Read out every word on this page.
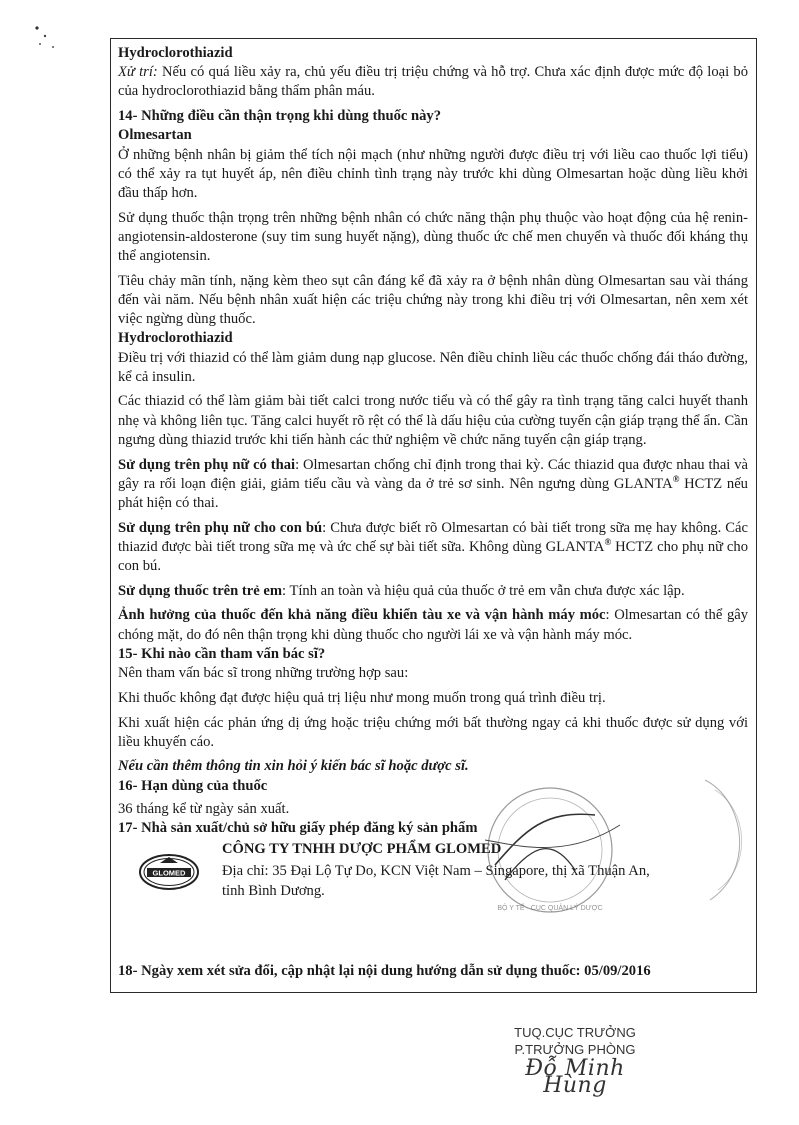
Hydroclorothiazid

Xử trí: Nếu có quá liều xảy ra, chủ yếu điều trị triệu chứng và hỗ trợ. Chưa xác định được mức độ loại bỏ của hydroclorothiazid bằng thẩm phân máu.

14- Những điều cần thận trọng khi dùng thuốc này?

Olmesartan

Ở những bệnh nhân bị giảm thể tích nội mạch (như những người được điều trị với liều cao thuốc lợi tiểu) có thể xảy ra tụt huyết áp, nên điều chỉnh tình trạng này trước khi dùng Olmesartan hoặc dùng liều khởi đầu thấp hơn.

Sử dụng thuốc thận trọng trên những bệnh nhân có chức năng thận phụ thuộc vào hoạt động của hệ renin-angiotensin-aldosterone (suy tim sung huyết nặng), dùng thuốc ức chế men chuyển và thuốc đối kháng thụ thể angiotensin.

Tiêu chảy mãn tính, nặng kèm theo sụt cân đáng kể đã xảy ra ở bệnh nhân dùng Olmesartan sau vài tháng đến vài năm. Nếu bệnh nhân xuất hiện các triệu chứng này trong khi điều trị với Olmesartan, nên xem xét việc ngừng dùng thuốc.

Hydroclorothiazid

Điều trị với thiazid có thể làm giảm dung nạp glucose. Nên điều chỉnh liều các thuốc chống đái tháo đường, kể cả insulin.

Các thiazid có thể làm giảm bài tiết calci trong nước tiểu và có thể gây ra tình trạng tăng calci huyết thanh nhẹ và không liên tục. Tăng calci huyết rõ rệt có thể là dấu hiệu của cường tuyến cận giáp trạng thể ẩn. Cần ngưng dùng thiazid trước khi tiến hành các thử nghiệm về chức năng tuyến cận giáp trạng.

Sử dụng trên phụ nữ có thai: Olmesartan chống chỉ định trong thai kỳ. Các thiazid qua được nhau thai và gây ra rối loạn điện giải, giảm tiểu cầu và vàng da ở trẻ sơ sinh. Nên ngưng dùng GLANTA® HCTZ nếu phát hiện có thai.

Sử dụng trên phụ nữ cho con bú: Chưa được biết rõ Olmesartan có bài tiết trong sữa mẹ hay không. Các thiazid được bài tiết trong sữa mẹ và ức chế sự bài tiết sữa. Không dùng GLANTA® HCTZ cho phụ nữ cho con bú.

Sử dụng thuốc trên trẻ em: Tính an toàn và hiệu quả của thuốc ở trẻ em vẫn chưa được xác lập.

Ảnh hưởng của thuốc đến khả năng điều khiển tàu xe và vận hành máy móc: Olmesartan có thể gây chóng mặt, do đó nên thận trọng khi dùng thuốc cho người lái xe và vận hành máy móc.

15- Khi nào cần tham vấn bác sĩ?

Nên tham vấn bác sĩ trong những trường hợp sau:

Khi thuốc không đạt được hiệu quả trị liệu như mong muốn trong quá trình điều trị.

Khi xuất hiện các phản ứng dị ứng hoặc triệu chứng mới bất thường ngay cả khi thuốc được sử dụng với liều khuyến cáo.

Nếu cần thêm thông tin xin hỏi ý kiến bác sĩ hoặc dược sĩ.

16- Hạn dùng của thuốc

36 tháng kể từ ngày sản xuất.

17- Nhà sản xuất/chủ sở hữu giấy phép đăng ký sản phẩm

GLOMED
CÔNG TY TNHH DƯỢC PHẨM GLOMED
Địa chỉ: 35 Đại Lộ Tự Do, KCN Việt Nam – Singapore, thị xã Thuận An, tỉnh Bình Dương.
18- Ngày xem xét sửa đổi, cập nhật lại nội dung hướng dẫn sử dụng thuốc: 05/09/2016
BỘ Y TẾ · CỤC QUẢN LÝ DƯỢC
TUQ.CỤC TRƯỞNG
P.TRƯỞNG PHÒNG
Đỗ Minh Hùng
